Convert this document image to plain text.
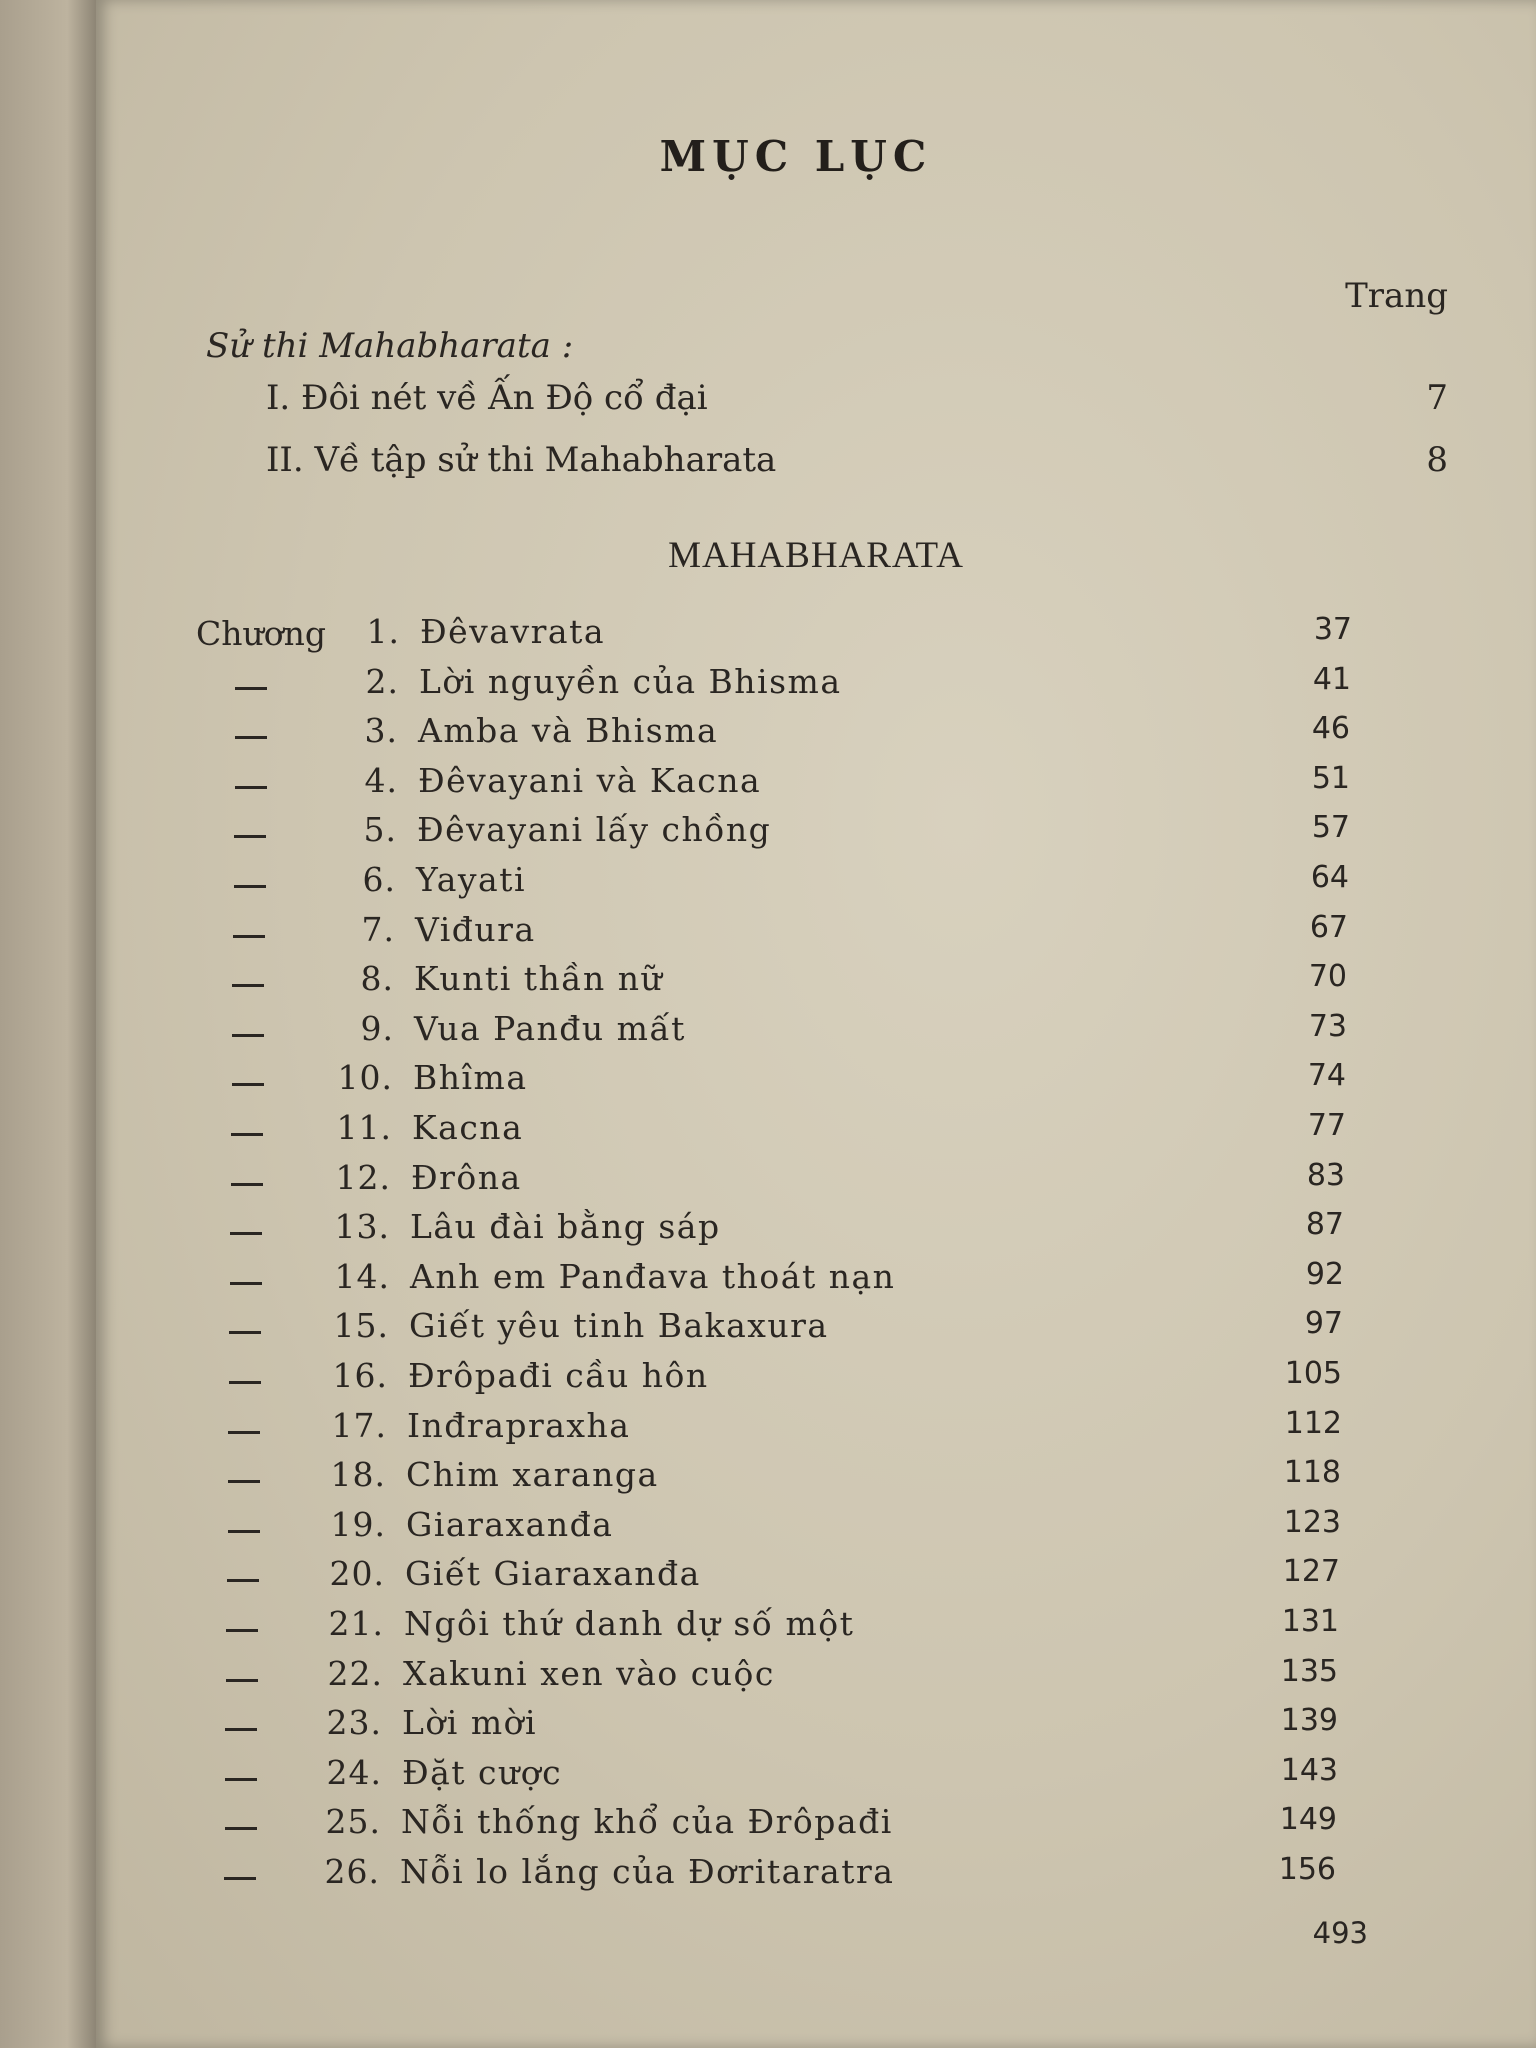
MỤC LỤC
Trang
Sử thi Mahabharata :
I. Đôi nét về Ấn Độ cổ đại	7
II. Về tập sử thi Mahabharata	8
MAHABHARATA
Chương	1. Đêvavrata	37
2. Lời nguyền của Bhisma	41
3. Amba và Bhisma	46
4. Đêvayani và Kacna	51
5. Đêvayani lấy chồng	57
6. Yayati	64
7. Viđura	67
8. Kunti thần nữ	70
9. Vua Panđu mất	73
10. Bhîma	74
11. Kacna	77
12. Đrôna	83
13. Lâu đài bằng sáp	87
14. Anh em Panđava thoát nạn	92
15. Giết yêu tinh Bakaxura	97
16. Đrôpađi cầu hôn	105
17. Inđrapraxha	112
18. Chim xaranga	118
19. Giaraxanđa	123
20. Giết Giaraxanđa	127
21. Ngôi thứ danh dự số một	131
22. Xakuni xen vào cuộc	135
23. Lời mời	139
24. Đặt cược	143
25. Nỗi thống khổ của Đrôpađi	149
26. Nỗi lo lắng của Đơritaratra	156
493
